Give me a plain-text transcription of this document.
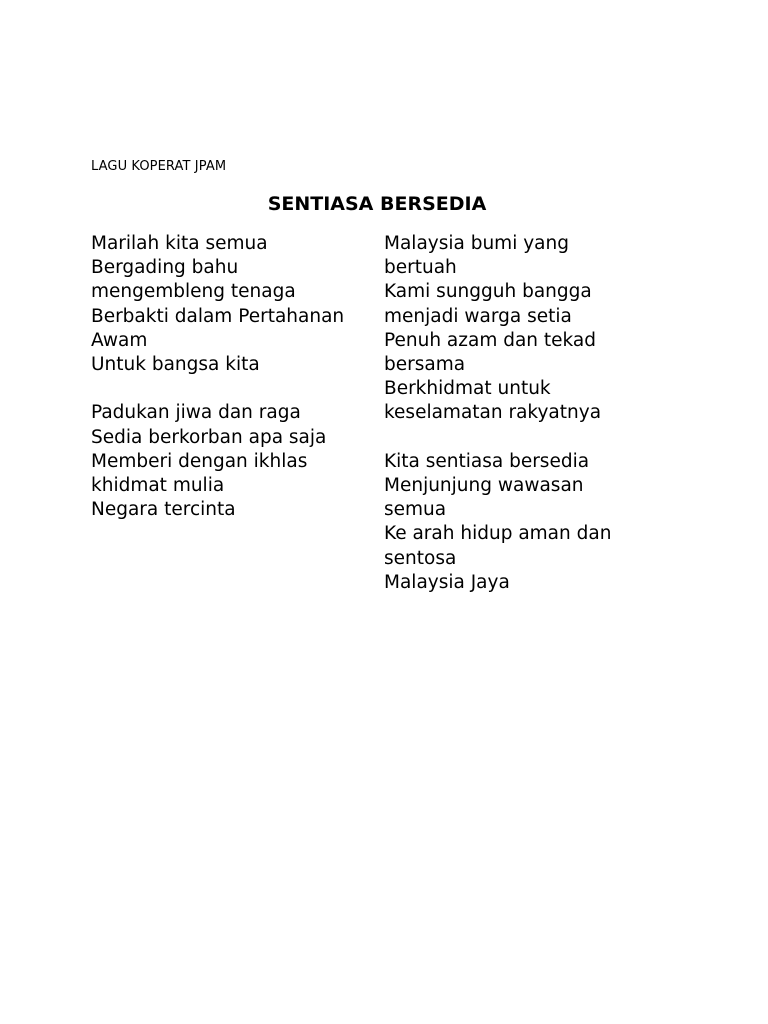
LAGU KOPERAT JPAM
SENTIASA BERSEDIA
Marilah kita semua
Bergading bahu
mengembleng tenaga
Berbakti dalam Pertahanan
Awam
Untuk bangsa kita
Padukan jiwa dan raga
Sedia berkorban apa saja
Memberi dengan ikhlas
khidmat mulia
Negara tercinta
Malaysia bumi yang
bertuah
Kami sungguh bangga
menjadi warga setia
Penuh azam dan tekad
bersama
Berkhidmat untuk
keselamatan rakyatnya
Kita sentiasa bersedia
Menjunjung wawasan
semua
Ke arah hidup aman dan
sentosa
Malaysia Jaya
